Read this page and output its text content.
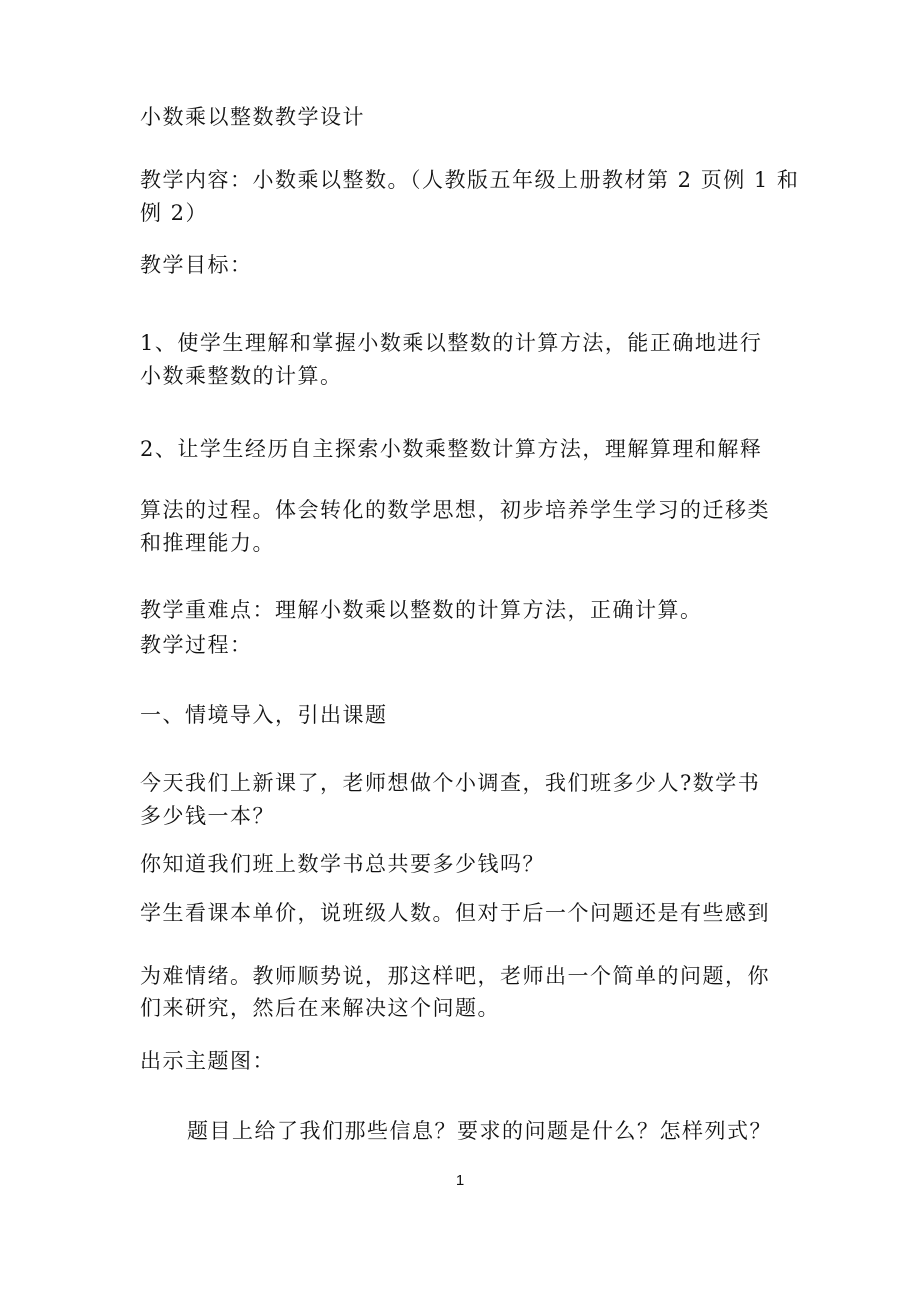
小数乘以整数教学设计
教学内容：小数乘以整数。（人教版五年级上册教材第 2 页例 1 和
例 2）
教学目标：
1、使学生理解和掌握小数乘以整数的计算方法，能正确地进行
小数乘整数的计算。
2、让学生经历自主探索小数乘整数计算方法，理解算理和解释
算法的过程。体会转化的数学思想，初步培养学生学习的迁移类
和推理能力。
教学重难点：理解小数乘以整数的计算方法，正确计算。
教学过程：
一、情境导入，引出课题
今天我们上新课了，老师想做个小调查，我们班多少人?数学书
多少钱一本？
你知道我们班上数学书总共要多少钱吗？
学生看课本单价，说班级人数。但对于后一个问题还是有些感到
为难情绪。教师顺势说，那这样吧，老师出一个简单的问题，你
们来研究，然后在来解决这个问题。
出示主题图：
题目上给了我们那些信息？要求的问题是什么？怎样列式？
1
